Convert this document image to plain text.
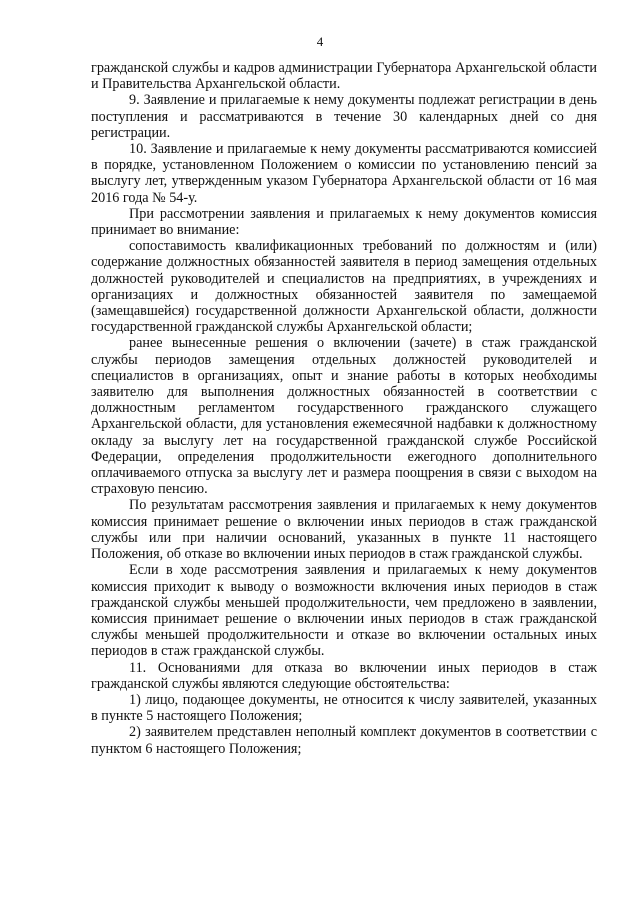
4

гражданской службы и кадров администрации Губернатора Архангельской области и Правительства Архангельской области.

9. Заявление и прилагаемые к нему документы подлежат регистрации в день поступления и рассматриваются в течение 30 календарных дней со дня регистрации.

10. Заявление и прилагаемые к нему документы рассматриваются комиссией в порядке, установленном Положением о комиссии по установлению пенсий за выслугу лет, утвержденным указом Губернатора Архангельской области от 16 мая 2016 года № 54-у.

При рассмотрении заявления и прилагаемых к нему документов комиссия принимает во внимание:

сопоставимость квалификационных требований по должностям и (или) содержание должностных обязанностей заявителя в период замещения отдельных должностей руководителей и специалистов на предприятиях, в учреждениях и организациях и должностных обязанностей заявителя по замещаемой (замещавшейся) государственной должности Архангельской области, должности государственной гражданской службы Архангельской области;

ранее вынесенные решения о включении (зачете) в стаж гражданской службы периодов замещения отдельных должностей руководителей и специалистов в организациях, опыт и знание работы в которых необходимы заявителю для выполнения должностных обязанностей в соответствии с должностным регламентом государственного гражданского служащего Архангельской области, для установления ежемесячной надбавки к должностному окладу за выслугу лет на государственной гражданской службе Российской Федерации, определения продолжительности ежегодного дополнительного оплачиваемого отпуска за выслугу лет и размера поощрения в связи с выходом на страховую пенсию.

По результатам рассмотрения заявления и прилагаемых к нему документов комиссия принимает решение о включении иных периодов в стаж гражданской службы или при наличии оснований, указанных в пункте 11 настоящего Положения, об отказе во включении иных периодов в стаж гражданской службы.

Если в ходе рассмотрения заявления и прилагаемых к нему документов комиссия приходит к выводу о возможности включения иных периодов в стаж гражданской службы меньшей продолжительности, чем предложено в заявлении, комиссия принимает решение о включении иных периодов в стаж гражданской службы меньшей продолжительности и отказе во включении остальных иных периодов в стаж гражданской службы.

11. Основаниями для отказа во включении иных периодов в стаж гражданской службы являются следующие обстоятельства:

1) лицо, подающее документы, не относится к числу заявителей, указанных в пункте 5 настоящего Положения;

2) заявителем представлен неполный комплект документов в соответствии с пунктом 6 настоящего Положения;
